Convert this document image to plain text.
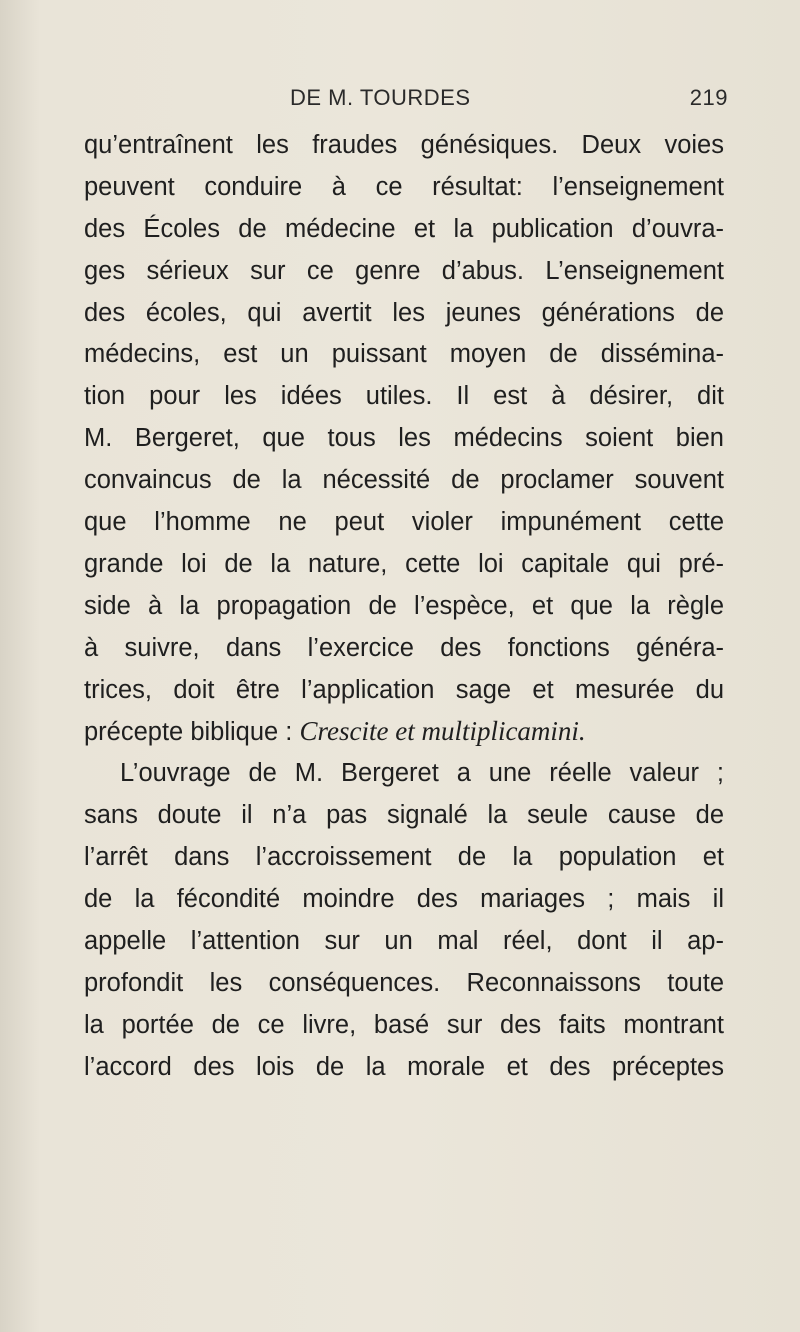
DE M. TOURDES	219
qu’entraînent les fraudes génésiques. Deux voies
peuvent conduire à ce résultat: l’enseignement
des Écoles de médecine et la publication d’ouvra-
ges sérieux sur ce genre d’abus. L’enseignement
des écoles, qui avertit les jeunes générations de
médecins, est un puissant moyen de dissémina-
tion pour les idées utiles. Il est à désirer, dit
M. Bergeret, que tous les médecins soient bien
convaincus de la nécessité de proclamer souvent
que l’homme ne peut violer impunément cette
grande loi de la nature, cette loi capitale qui pré-
side à la propagation de l’espèce, et que la règle
à suivre, dans l’exercice des fonctions généra-
trices, doit être l’application sage et mesurée du
précepte biblique : Crescite et multiplicamini.
L’ouvrage de M. Bergeret a une réelle valeur ;
sans doute il n’a pas signalé la seule cause de
l’arrêt dans l’accroissement de la population et
de la fécondité moindre des mariages ; mais il
appelle l’attention sur un mal réel, dont il ap-
profondit les conséquences. Reconnaissons toute
la portée de ce livre, basé sur des faits montrant
l’accord des lois de la morale et des préceptes
